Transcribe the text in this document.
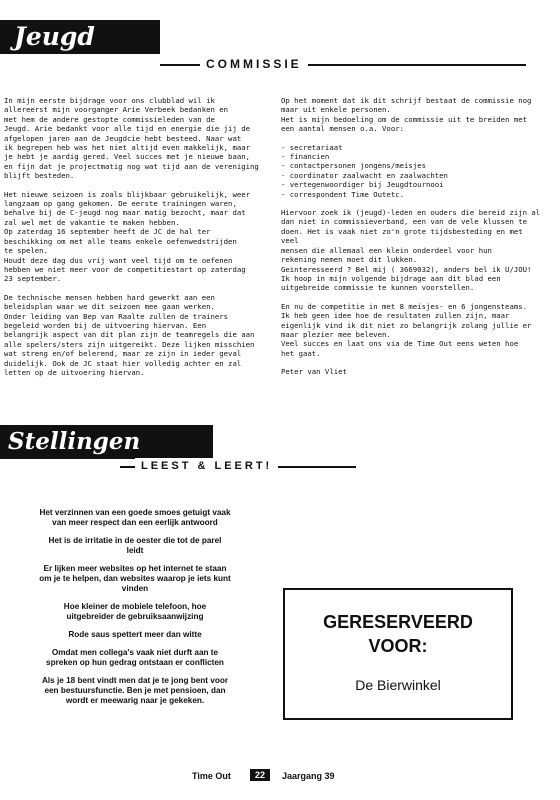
Jeugd
COMMISSIE

In mijn eerste bijdrage voor ons clubblad wil ik
allereerst mijn voorganger Arie Verbeek bedanken en
met hem de andere gestopte commissieleden van de
Jeugd. Arie bedankt voor alle tijd en energie die jij de
afgelopen jaren aan de Jeugdcie hebt besteed. Naar wat
ik begrepen heb was het niet altijd even makkelijk, maar
je hebt je aardig gered. Veel succes met je nieuwe baan,
en fijn dat je projectmatig nog wat tijd aan de vereniging
blijft besteden.

Het nieuwe seizoen is zoals blijkbaar gebruikelijk, weer
langzaam op gang gekomen. De eerste trainingen waren,
behalve bij de C-jeugd nog maar matig bezocht, maar dat
zal wel met de vakantie te maken hebben.
Op zaterdag 16 september heeft de JC de hal ter
beschikking om met alle teams enkele oefenwedstrijden
te spelen.
Houdt deze dag dus vrij want veel tijd om te oefenen
hebben we niet meer voor de competitiestart op zaterdag
23 september.

De technische mensen hebben hard gewerkt aan een
beleidsplan waar we dit seizoen mee gaan werken.
Onder leiding van Bep van Raalte zullen de trainers
begeleid worden bij de uitvoering hiervan. Een
belangrijk aspect van dit plan zijn de teamregels die aan
alle spelers/sters zijn uitgereikt. Deze lijken misschien
wat streng en/of belerend, maar ze zijn in ieder geval
duidelijk. Ook de JC staat hier volledig achter en zal
letten op de uitvoering hiervan.

Op het moment dat ik dit schrijf bestaat de commissie nog
maar uit enkele personen.
Het is mijn bedoeling om de commissie uit te breiden met
een aantal mensen o.a. Voor:

- secretariaat
- financien
- contactpersonen jongens/meisjes
- coordinator zaalwacht en zaalwachten
- vertegenwoordiger bij Jeugdtournooi
- correspondent Time Outetc.

Hiervoor zoek ik (jeugd)-leden en ouders die bereid zijn al
dan niet in commissieverband, een van de vele klussen te
doen. Het is vaak niet zo'n grote tijdsbesteding en met veel
mensen die allemaal een klein onderdeel voor hun
rekening nemen moet dit lukken.
Geinteresseerd ? Bel mij ( 3669032), anders bel ik U/JOU!
Ik hoop in mijn volgende bijdrage aan dit blad een
uitgebreide commissie te kunnen voorstellen.

En nu de competitie in met 8 meisjes- en 6 jongensteams.
Ik heb geen idee hoe de resultaten zullen zijn, maar
eigenlijk vind ik dit niet zo belangrijk zolang jullie er
maar plezier mee beleven.
Veel succes en laat ons via de Time Out eens weten hoe
het gaat.

Peter van Vliet

Stellingen
LEEST & LEERT!

Het verzinnen van een goede smoes getuigt vaak
van meer respect dan een eerlijk antwoord

Het is de irritatie in de oester die tot de parel
leidt

Er lijken meer websites op het internet te staan
om je te helpen, dan websites waarop je iets kunt
vinden

Hoe kleiner de mobiele telefoon, hoe
uitgebreider de gebruiksaanwijzing

Rode saus spettert meer dan witte

Omdat men collega's vaak niet durft aan te
spreken op hun gedrag ontstaan er conflicten

Als je 18 bent vindt men dat je te jong bent voor
een bestuursfunctie. Ben je met pensioen, dan
wordt er meewarig naar je gekeken.

GERESERVEERD
VOOR:
De Bierwinkel
Time Out	22	Jaargang 39
